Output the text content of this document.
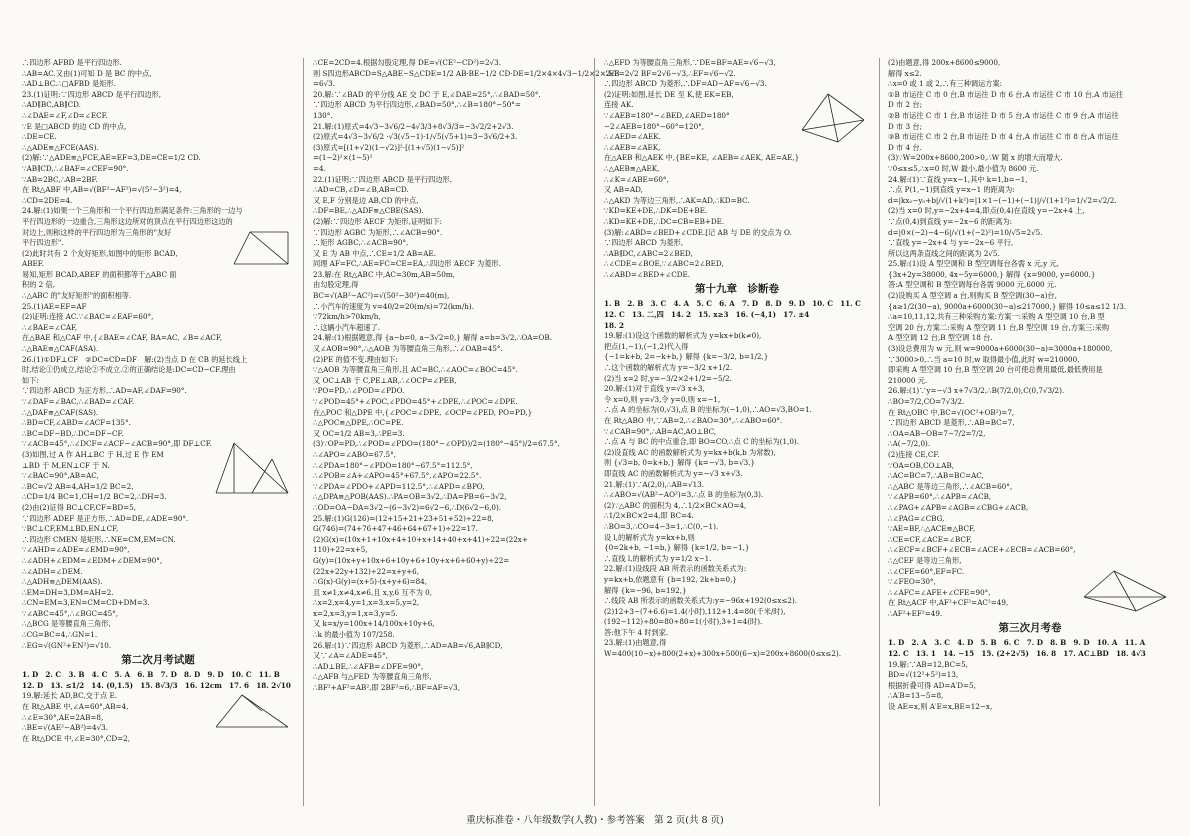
∴四边形 AFBD 是平行四边形.
∴AB=AC.又由(1)可知 D 是 BC 的中点,
∴AD⊥BC.∴□AFBD 是矩形.
23.(1)证明:∵四边形 ABCD 是平行四边形,
∴AD∥BC,AB∥CD.
∴∠DAE=∠F,∠D=∠ECF.
∵E 是□ABCD 的边 CD 的中点,
∴DE=CE.
∴△ADE≌△FCE(AAS).
(2)解:∵△ADE≌△FCE,AE=EF=3,DE=CE=1/2 CD.
∵AB∥CD,∴∠BAF=∠CEF=90°.
∵AB=2BC,∴AB=2BF.
在 Rt△ABF 中,AB=√(BF²−AF²)=√(5²−3²)=4,
∴CD=2DE=4.
24.解:(1)如果一个三角形和一个平行四边形满足条件:三角形的一边与
平行四边形的一边重合,三角形这边所对的顶点在平行四边形这边的
对边上,则称这样的平行四边形为三角形的"友好
平行四边形".
(2)此时共有 2 个友好矩形,如图中的矩形 BCAD,
ABEF.
易知,矩形 BCAD,ABEF 的面积都等于△ABC 面
积的 2 倍,
∴△ABC 的"友好矩形"的面积相等.
25.(1)AE=EF=AF
(2)证明:连接 AC.∵∠BAC=∠EAF=60°,
∴∠BAE=∠CAF,
在△BAE 和△CAF 中,{∠BAE=∠CAF, BA=AC, ∠B=∠ACF,
∴△BAE≌△CAF(ASA).
26.(1)①DF⊥CF　②DC=CD=DF　解:(2)当点 D 在 CB 的延长线上
时,结论①仍成立,结论②不成立.②的正确结论是:DC=CD−CF.理由
如下:
∵四边形 ABCD 为正方形,∴AD=AF,∠DAF=90°.
∵∠DAF=∠BAC,∴∠BAD=∠CAF.
∴△DAF≌△CAF(SAS).
∴BD=CF,∠ABD=∠ACF=135°.
∴BC=DF−BD,∴DC=DF−CF.
∵∠ACB=45°,∴∠DCF=∠ACF−∠ACB=90°,即 DF⊥CF.
(3)如图,过 A 作 AH⊥BC 于 H,过 E 作 EM
⊥BD 于 M,EN⊥CF 于 N.
∵∠BAC=90°,AB=AC,
∴BC=√2 AB=4,AH=1/2 BC=2,
∴CD=1/4 BC=1,CH=1/2 BC=2,∴DH=3.
(2)由(2)证得 BC⊥CF,CF=BD=5,
∵四边形 ADEF 是正方形,∴AD=DE,∠ADE=90°.
∵BC⊥CF,EM⊥BD,EN⊥CF,
∴四边形 CMEN 是矩形,∴NE=CM,EM=CN.
∵∠AHD=∠ADE=∠EMD=90°,
∴∠ADH+∠EDM=∠EDM+∠DEM=90°,
∴∠ADH=∠DEM.
∴△ADH≌△DEM(AAS).
∴EM=DH=3,DM=AH=2.
∴CN=EM=3,EN=CM=CD+DM=3.
∵∠ABC=45°,∴∠BGC=45°,
∴△BCG 是等腰直角三角形,
∴CG=BC=4,∴GN=1.
∴EG=√(GN²+EN²)=√10.
第二次月考试题
1. D　2. C　3. B　4. C　5. A　6. B　7. D　8. D　9. D　10. C　11. B
12. D　13. ≤1/2　14. (0,1.5)　15. 8√3/3　16. 12cm　17. 6　18. 2√10
19.解:延长 AD,BC,交于点 E.
在 Rt△ABE 中,∠A=60°,AB=4,
∴∠E=30°,AE=2AB=8,
∴BE=√(AE²−AB²)=4√3.
在 Rt△DCE 中,∠E=30°,CD=2,
∴CE=2CD=4.根据勾股定理,得 DE=√(CE²−CD²)=2√3.
则 S四边形ABCD=S△ABE−S△CDE=1/2 AB·BE−1/2 CD·DE=1/2×4×4√3−1/2×2×2√3
=6√3.
20.解:∵∠BAD 的平分线 AE 交 DC 于 E,∠DAE=25°,∴∠BAD=50°.
∵四边形 ABCD 为平行四边形,∠BAD=50°,∴∠B=180°−50°=
130°.
21.解:(1)原式=4√3−3√6/2−4√3/3+8√3/3=−3√2/2+2√3.
(2)原式=4√3−3√6/2 ·√3(√5−1)·1/√5(√5+1)=3−3√6/2+3.
(3)原式=[(1+√2)(1−√2)]²·[(1+√5)(1−√5)]²
=(1−2)²×(1−5)²
=4.
22.(1)证明:∵四边形 ABCD 是平行四边形,
∴AD=CB,∠D=∠B,AB=CD.
又 E,F 分别是边 AB,CD 的中点,
∴DF=BE,∴△ADF≌△CBE(SAS).
(2)解:∵四边形 AECF 为矩形,证明如下:
∵四边形 AGBC 为矩形,∴∠ACB=90°.
∴矩形 AGBC,∴∠ACB=90°,
又 E 为 AB 中点,∴CE=1/2 AB=AE.
同理 AF=FC,∴AE=FC=CE=EA,∴四边形 AECF 为菱形.
23.解:在 Rt△ABC 中,AC=30m,AB=50m,
由勾股定理,得
BC=√(AB²−AC²)=√(50²−30²)=40(m),
∴小汽车的速度为 v=40/2=20(m/s)=72(km/h).
∵72km/h>70km/h,
∴这辆小汽车超速了.
24.解:(1)根据题意,得 {a−b=0, a−3√2=0,} 解得 a=b=3√2,∴OA=OB.
又∠AOB=90°,∴△AOB 为等腰直角三角形,∴∠OAB=45°.
(2)PE 的值不变.理由如下:
∵△AOB 为等腰直角三角形,且 AC=BC,∴∠AOC=∠BOC=45°.
又 OC⊥AB 于 C,PE⊥AB,∴∠OCP=∠PEB,
∵PO=PD,∴∠POD=∠PDO.
∵∠POD=45°+∠POC,∠PDO=45°+∠DPE,∴∠POC=∠DPE.
在△POC 和△DPE 中,{∠POC=∠DPE, ∠OCP=∠PED, PO=PD,}
∴△POC≌△DPE,∴OC=PE.
又 OC=1/2 AB=3,∴PE=3.
(3)∵OP=PD,∴∠POD=∠PDO=(180°−∠OPD)/2=(180°−45°)/2=67.5°,
∴∠APO=∠ABO=67.5°,
∴∠PDA=180°−∠PDO=180°−67.5°=112.5°,
∴∠POB=∠A+∠APO=45°+67.5°,∠APO=22.5°.
∵∠PDA=∠PDO+∠APD=112.5°,∴∠APD=∠BPO,
∴△DPA≌△POB(AAS).∴PA=OB=3√2,∴DA=PB=6−3√2,
∴OD=OA−DA=3√2−(6−3√2)=6√2−6,∴D(6√2−6,0).
25.解:(1)G(126)=(12+15+21+23+51+52)÷22=8,
G(746)=(74+76+47+46+64+67+1)÷22=17.
(2)G(x)=(10x+1+10x+4+10+x+14+40+x+41)÷22=(22x+
110)÷22=x+5,
G(y)=(10x+y+10x+6+10y+6+10y+x+6+60+y)÷22=
(22x+22y+132)÷22=x+y+6,
∴G(x)·G(y)=(x+5)·(x+y+6)=84,
且 x≠1,x≠4,x≠6,且 x,y,6 互不为 0,
∴x=2,x=4,y=1,x=3,x=5,y=2,
x=2,x=3,y=1,x=3,y=5.
又 k=x/y=100x+14/100x+10y+6,
∴k 的最小值为 107/258.
26.解:(1)∵四边形 ABCD 为菱形,∴AD=AB=√6,AB∥CD,
又∵∠A=∠ADE=45°,
∴AD⊥BE,∴∠AFB=∠DFE=90°,
∴△AFB 与△FED 为等腰直角三角形,
∴BF²+AF²=AB²,即 2BF²=6,∴BF=AF=√3,
∴△EFD 为等腰直角三角形,∵DE=BF=AE=√6−√3,
∴EF=2√2 BF=2√6−√3,∴EF=√6−√2.
∴四边形 ABCD 为菱形,∴DF=AD−AF=√6−√3.
(2)证明:如图,延长 DE 至 K,使 EK=EB,
连接 AK.
∵∠AEB=180°−∠BED,∠AED=180°
−2∠AEB=180°−60°=120°,
∴∠AED=∠AEK.
∴∠AEB=∠AEK,
在△AEB 和△AEK 中,{BE=KE, ∠AEB=∠AEK, AE=AE,}
∴△AEB≌△AEK,
∴∠K=∠ABE=60°,
又 AB=AD,
∴△AKD 为等边三角形,∴AK=AD,∴KD=BC.
∵KD=KE+DE,∴DK=DE+BE.
∴KD=KE+DE,∴DC=CB=EB+DE.
(3)解:∠ABD=∠BED+∠CDE.[记 AB 与 DE 的交点为 O.
∵四边形 ABCD 为菱形,
∴AB∥DC,∠ABC=2∠BED,
∴∠CDE=∠BOE,∵∠ABC=2∠BED,
∴∠ABD=∠BED+∠CDE.
第十九章　诊断卷
1. B　2. B　3. C　4. A　5. C　6. A　7. D　8. D　9. D　10. C　11. C
12. C　13. 二,四　14. 2　15. x≥3　16. (−4,1)　17. ±4
18. 2
19.解:(1)设这个函数的解析式为 y=kx+b(k≠0),
把点(1,−1),(−1,2)代入得
{−1=k+b, 2=−k+b,} 解得 {k=−3/2, b=1/2,}
∴这个函数的解析式为 y=−3/2 x+1/2.
(2)当 x=2 时,y=−3/2×2+1/2=−5/2.
20.解:(1)对于直线 y=√3 x+3,
令 x=0,则 y=√3,令 y=0,则 x=−1,
∴点 A 的坐标为(0,√3),点 B 的坐标为(−1,0),∴AO=√3,BO=1.
在 Rt△ABO 中,∵AB=2,∴∠BAO=30°,∴∠ABO=60°.
∵∠CAB=90°,∴AB=AC,AO⊥BC,
∴点 A 与 BC 的中点重合,即 BO=CO,∴点 C 的坐标为(1,0).
(2)设直线 AC 的函数解析式为 y=kx+b(k,b 为常数),
则 {√3=b, 0=k+b,} 解得 {k=−√3, b=√3,}
即直线 AC 的函数解析式为 y=−√3 x+√3.
21.解:(1)∵A(2,0),∴AB=√13.
∴∠ABO=√(AB²−AO²)=3,∴点 B 的坐标为(0,3).
(2)∵△ABC 的面积为 4,∴1/2×BC×AO=4,
∴1/2×BC×2=4,即 BC=4.
∴BO=3,∴CO=4−3=1,∴C(0,−1).
设 l,的解析式为 y=kx+b,则
{0=2k+b, −1=b,} 解得 {k=1/2, b=−1,}
∴直线 l,的解析式为 y=1/2 x−1.
22.解:(1)设线段 AB 所表示的函数关系式为:
y=kx+b,依题意有 {b=192, 2k+b=0,}
解得 {k=−96, b=192,}
∴线段 AB 所表示的函数关系式为:y=−96x+192(0≤x≤2).
(2)12+3−(7+6.6)=1.4(小时),112+1.4=80(千米/时),
(192−112)÷80=80÷80=1(小时),3+1=4(时).
答:他下午 4 时到家.
23.解:(1)由题意,得
W=400(10−x)+800(2+x)+300x+500(6−x)=200x+8600(0≤x≤2).
(2)由题意,得 200x+8600≤9000,
解得 x≤2.
∴x=0 或 1 或 2,∴有三种调运方案:
①B 市运往 C 市 0 台,B 市运往 D 市 6 台,A 市运往 C 市 10 台,A 市运往
D 市 2 台;
②B 市运往 C 市 1 台,B 市运往 D 市 5 台,A 市运往 C 市 9 台,A 市运往
D 市 3 台;
③B 市运往 C 市 2 台,B 市运往 D 市 4 台,A 市运往 C 市 8 台,A 市运往
D 市 4 台.
(3)∵W=200x+8600,200>0,∴W 随 x 的增大而增大.
∵0≤x≤5,∴x=0 时,W 最小,最小值为 8600 元.
24.解:(1)∵直线 y=x−1,其中 k=1,b=−1,
∴点 P(1,−1)到直线 y=x−1 的距离为:
d=|kx₀−y₀+b|/√(1+k²)=|1×1−(−1)+(−1)|/√(1+1²)=1/√2=√2/2.
(2)当 x=0 时,y=−2x+4=4,即点(0,4)在直线 y=−2x+4 上,
∵点(0,4)到直线 y=−2x−6 的距离为:
d=|0×(−2)−4−6|/√(1+(−2)²)=10/√5=2√5.
∵直线 y=−2x+4 与 y=−2x−6 平行,
所以这两条直线之间的距离为 2√5.
25.解:(1)设 A 型空调和 B 型空调每台各需 x 元,y 元,
{3x+2y=38000, 4x−5y=6000,} 解得 {x=9000, y=6000.}
答:A 型空调和 B 型空调每台各需 9000 元,6000 元.
(2)设购买 A 型空调 a 台,则购买 B 型空调(30−a)台,
{a≥1/2(30−a), 9000a+6000(30−a)≤217000,} 解得 10≤a≤12 1/3.
∴a=10,11,12,共有三种采购方案:方案一:采购 A 型空调 10 台,B 型
空调 20 台,方案二:采购 A 型空调 11 台,B 型空调 19 台,方案三:采购
A 型空调 12 台,B 型空调 18 台.
(3)设总费用为 w 元,则 w=9000a+6000(30−a)=3000a+180000,
∵3000>0,∴当 a=10 时,w 取得最小值,此时 w=210000,
即采购 A 型空调 10 台,B 型空调 20 台可使总费用最低,最低费用是
210000 元.
26.解:(1)∵y=−√3 x+7√3/2,∴B(7/2,0),C(0,7√3/2).
∴BO=7/2,CO=7√3/2.
在 Rt△OBC 中,BC=√(OC²+OB²)=7,
∵四边形 ABCD 是菱形,∴AB=BC=7,
∴OA=AB−OB=7−7/2=7/2,
∴A(−7/2,0).
(2)连接 CE,CF.
∵OA=OB,CO⊥AB,
∴AC=BC=7,∴AB=BC=AC,
∴△ABC 是等边三角形,∴∠ACB=60°,
∵∠APB=60°,∴∠APB=∠ACB,
∴∠PAG+∠APB=∠AGB=∠CBG+∠ACB,
∴∠PAG=∠CBG,
∵AE=BF,∴△ACE≌△BCF,
∴CE=CF,∠ACE=∠BCF,
∴∠ECF=∠BCF+∠ECB=∠ACE+∠ECB=∠ACB=60°,
∴△CEF 是等边三角形,
∴∠CFE=60°,EF=FC.
∵∠FEO=30°,
∴∠AFC=∠AFE+∠CFE=90°,
在 Rt△ACF 中,AF²+CF²=AC²=49,
∴AF²+EF²=49.
第三次月考卷
1. D　2. A　3. C　4. D　5. B　6. C　7. D　8. B　9. D　10. A　11. A
12. C　13. 1　14. −15　15. (2+2√5)　16. 8　17. AC⊥BD　18. 4√3
19.解:∵AB=12,BC=5,
BD=√(12²+5²)=13,
根据折叠可得 AD=A′D=5,
∴A′B=13−5=8,
设 AE=x,则 A′E=x,BE=12−x,
重庆标准卷・八年级数学(人教)・参考答案　第 2 页(共 8 页)
